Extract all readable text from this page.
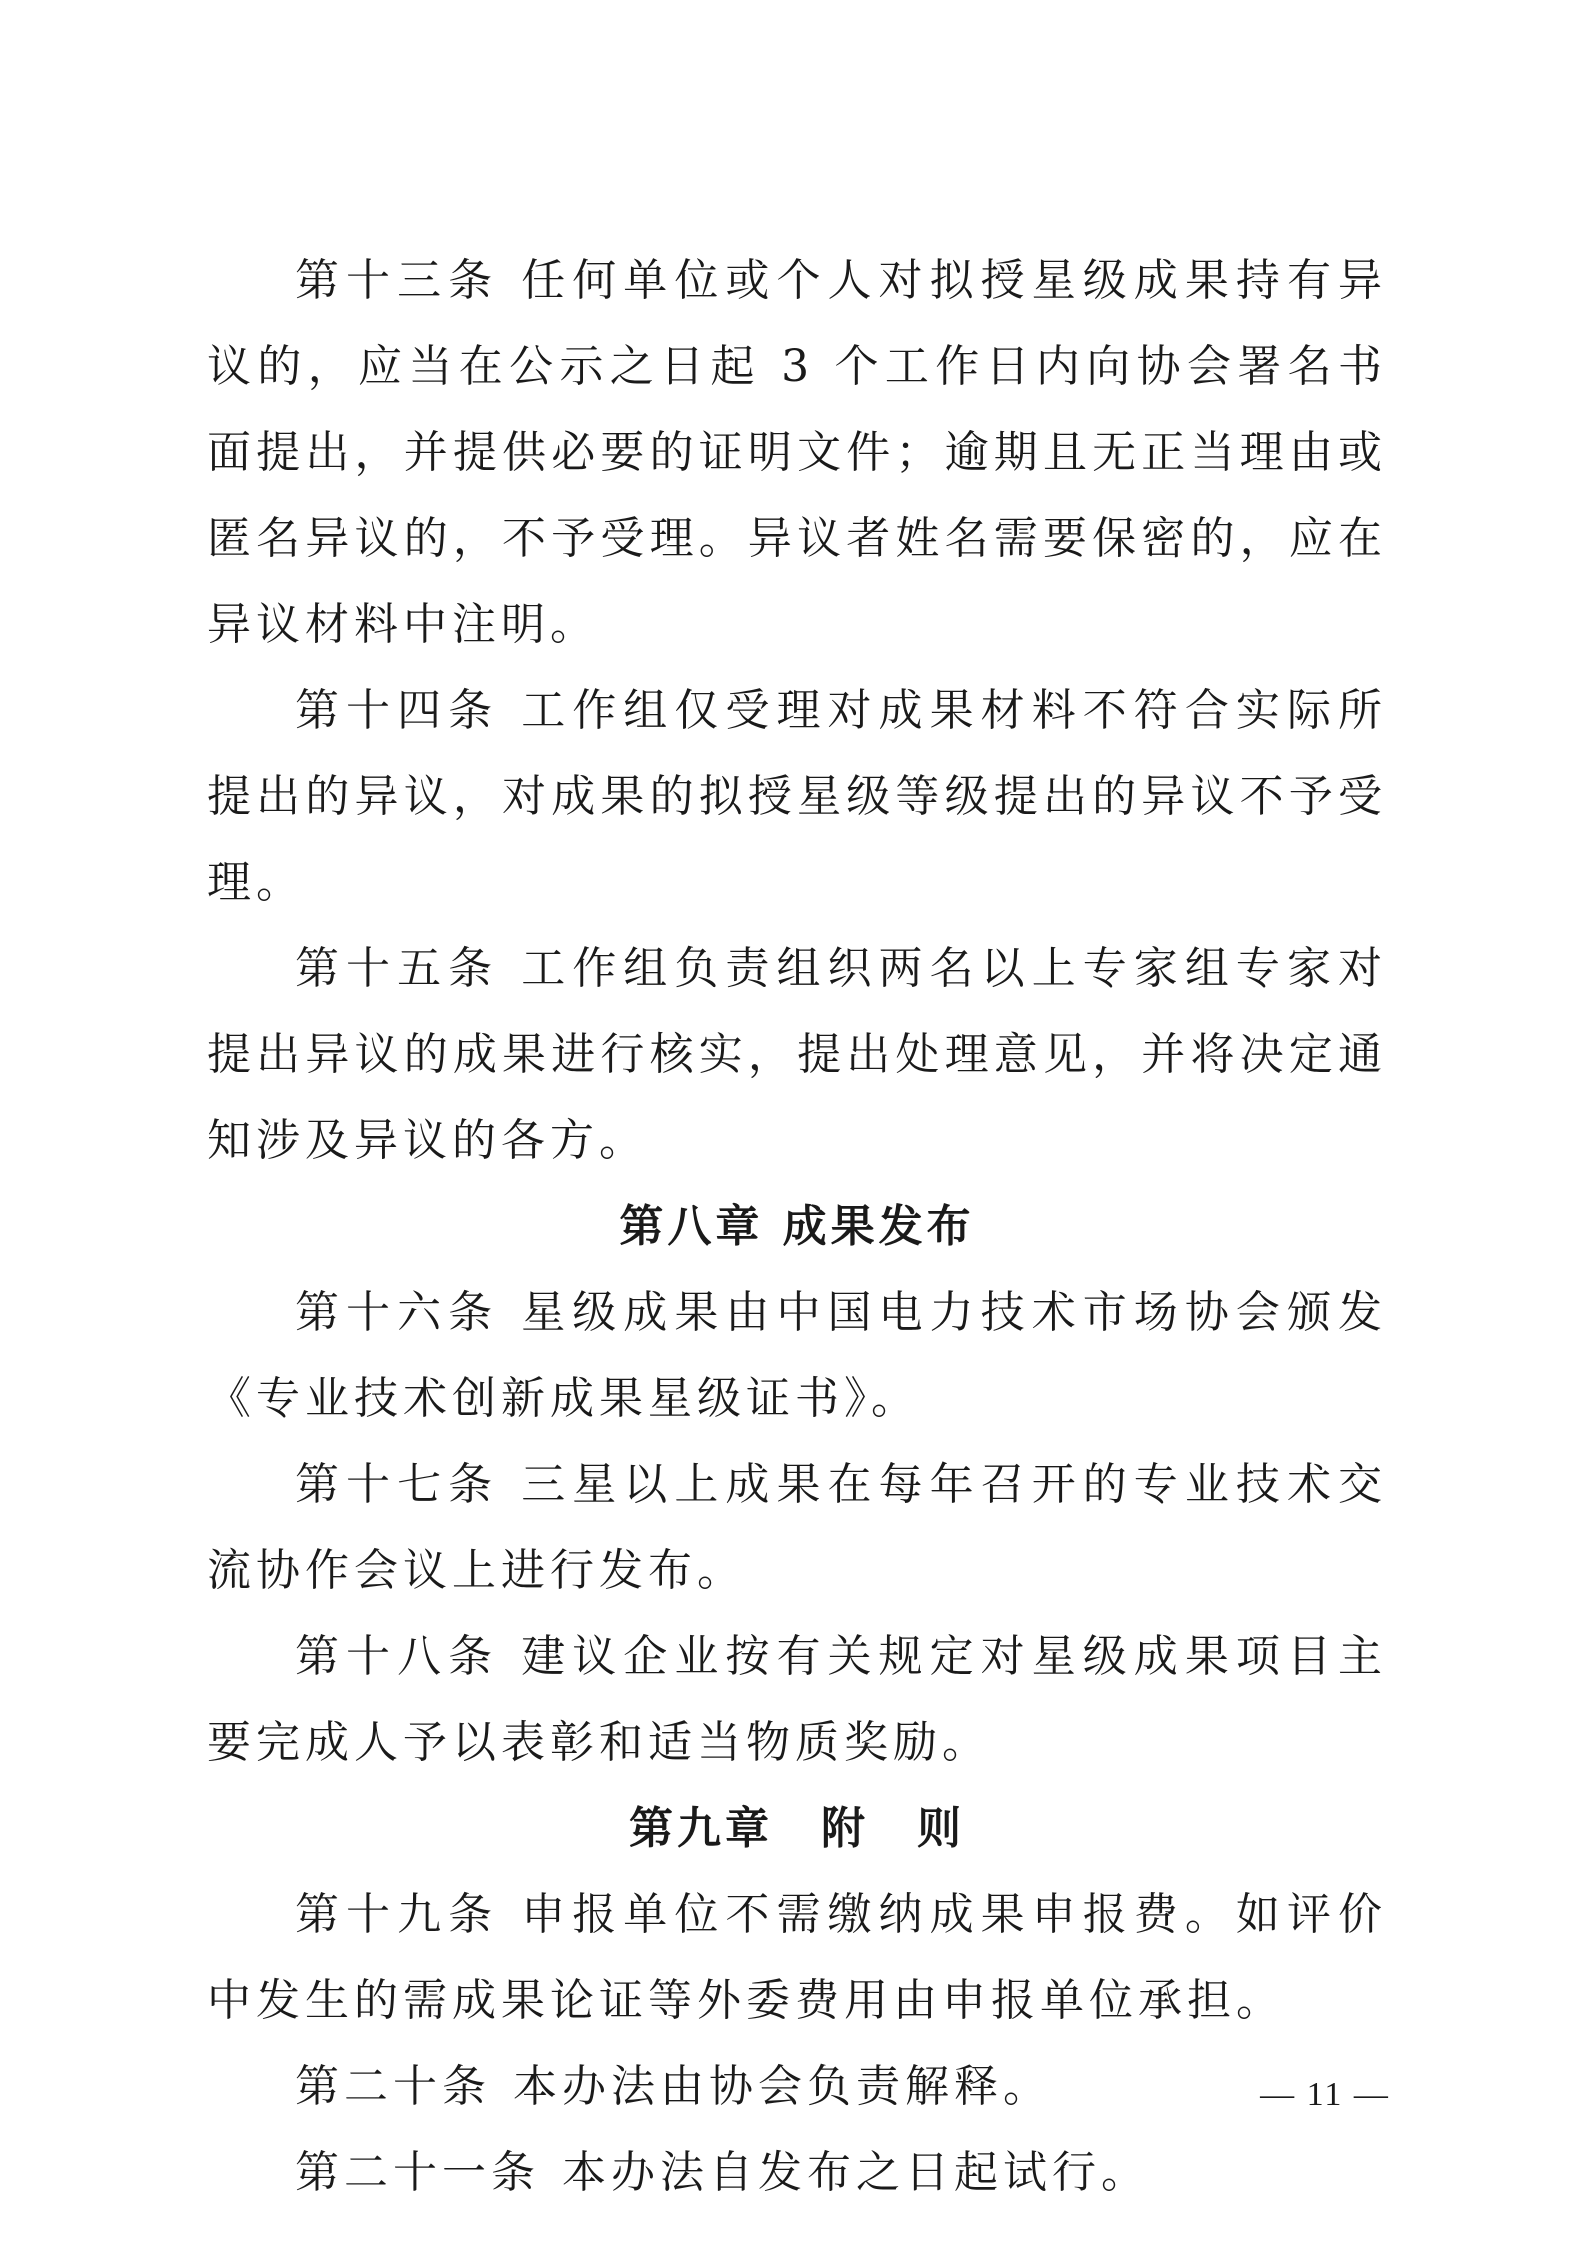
第十三条 任何单位或个人对拟授星级成果持有异议的，应当在公示之日起 3 个工作日内向协会署名书面提出，并提供必要的证明文件；逾期且无正当理由或匿名异议的，不予受理。异议者姓名需要保密的，应在异议材料中注明。

第十四条 工作组仅受理对成果材料不符合实际所提出的异议，对成果的拟授星级等级提出的异议不予受理。

第十五条 工作组负责组织两名以上专家组专家对提出异议的成果进行核实，提出处理意见，并将决定通知涉及异议的各方。

第八章 成果发布

第十六条 星级成果由中国电力技术市场协会颁发《专业技术创新成果星级证书》。

第十七条 三星以上成果在每年召开的专业技术交流协作会议上进行发布。

第十八条 建议企业按有关规定对星级成果项目主要完成人予以表彰和适当物质奖励。

第九章　附　则

第十九条 申报单位不需缴纳成果申报费。如评价中发生的需成果论证等外委费用由申报单位承担。

第二十条 本办法由协会负责解释。

第二十一条 本办法自发布之日起试行。

— 11 —
